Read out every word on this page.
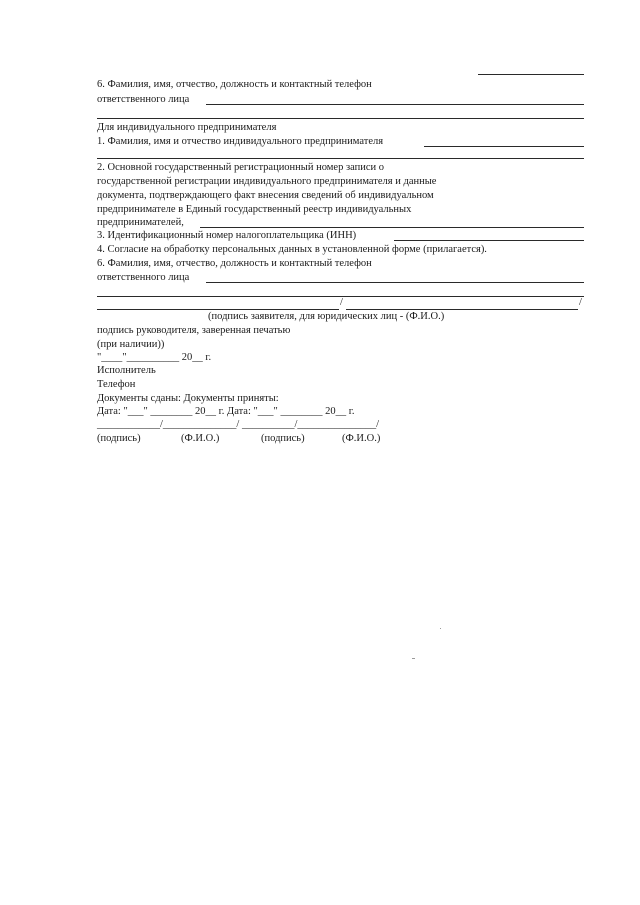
6. Фамилия, имя, отчество, должность и контактный телефон
ответственного лица
Для индивидуального предпринимателя
1. Фамилия, имя и отчество индивидуального предпринимателя
2. Основной государственный регистрационный номер записи о
государственной регистрации индивидуального предпринимателя и данные
документа, подтверждающего факт внесения сведений об индивидуальном
предпринимателе в Единый государственный реестр индивидуальных
предпринимателей,
3. Идентификационный номер налогоплательщика (ИНН)
4. Согласие на обработку персональных данных в установленной форме (прилагается).
6. Фамилия, имя, отчество, должность и контактный телефон
ответственного лица
/	/
(подпись заявителя, для юридических лиц - (Ф.И.О.)
подпись руководителя, заверенная печатью
(при наличии))
"____"__________ 20__ г.
Исполнитель
Телефон
Документы сданы: Документы приняты:
Дата: "___" ________ 20__ г. Дата: "___" ________ 20__ г.
____________/______________/ __________/_______________/
(подпись)	(Ф.И.О.)	(подпись)	(Ф.И.О.)
